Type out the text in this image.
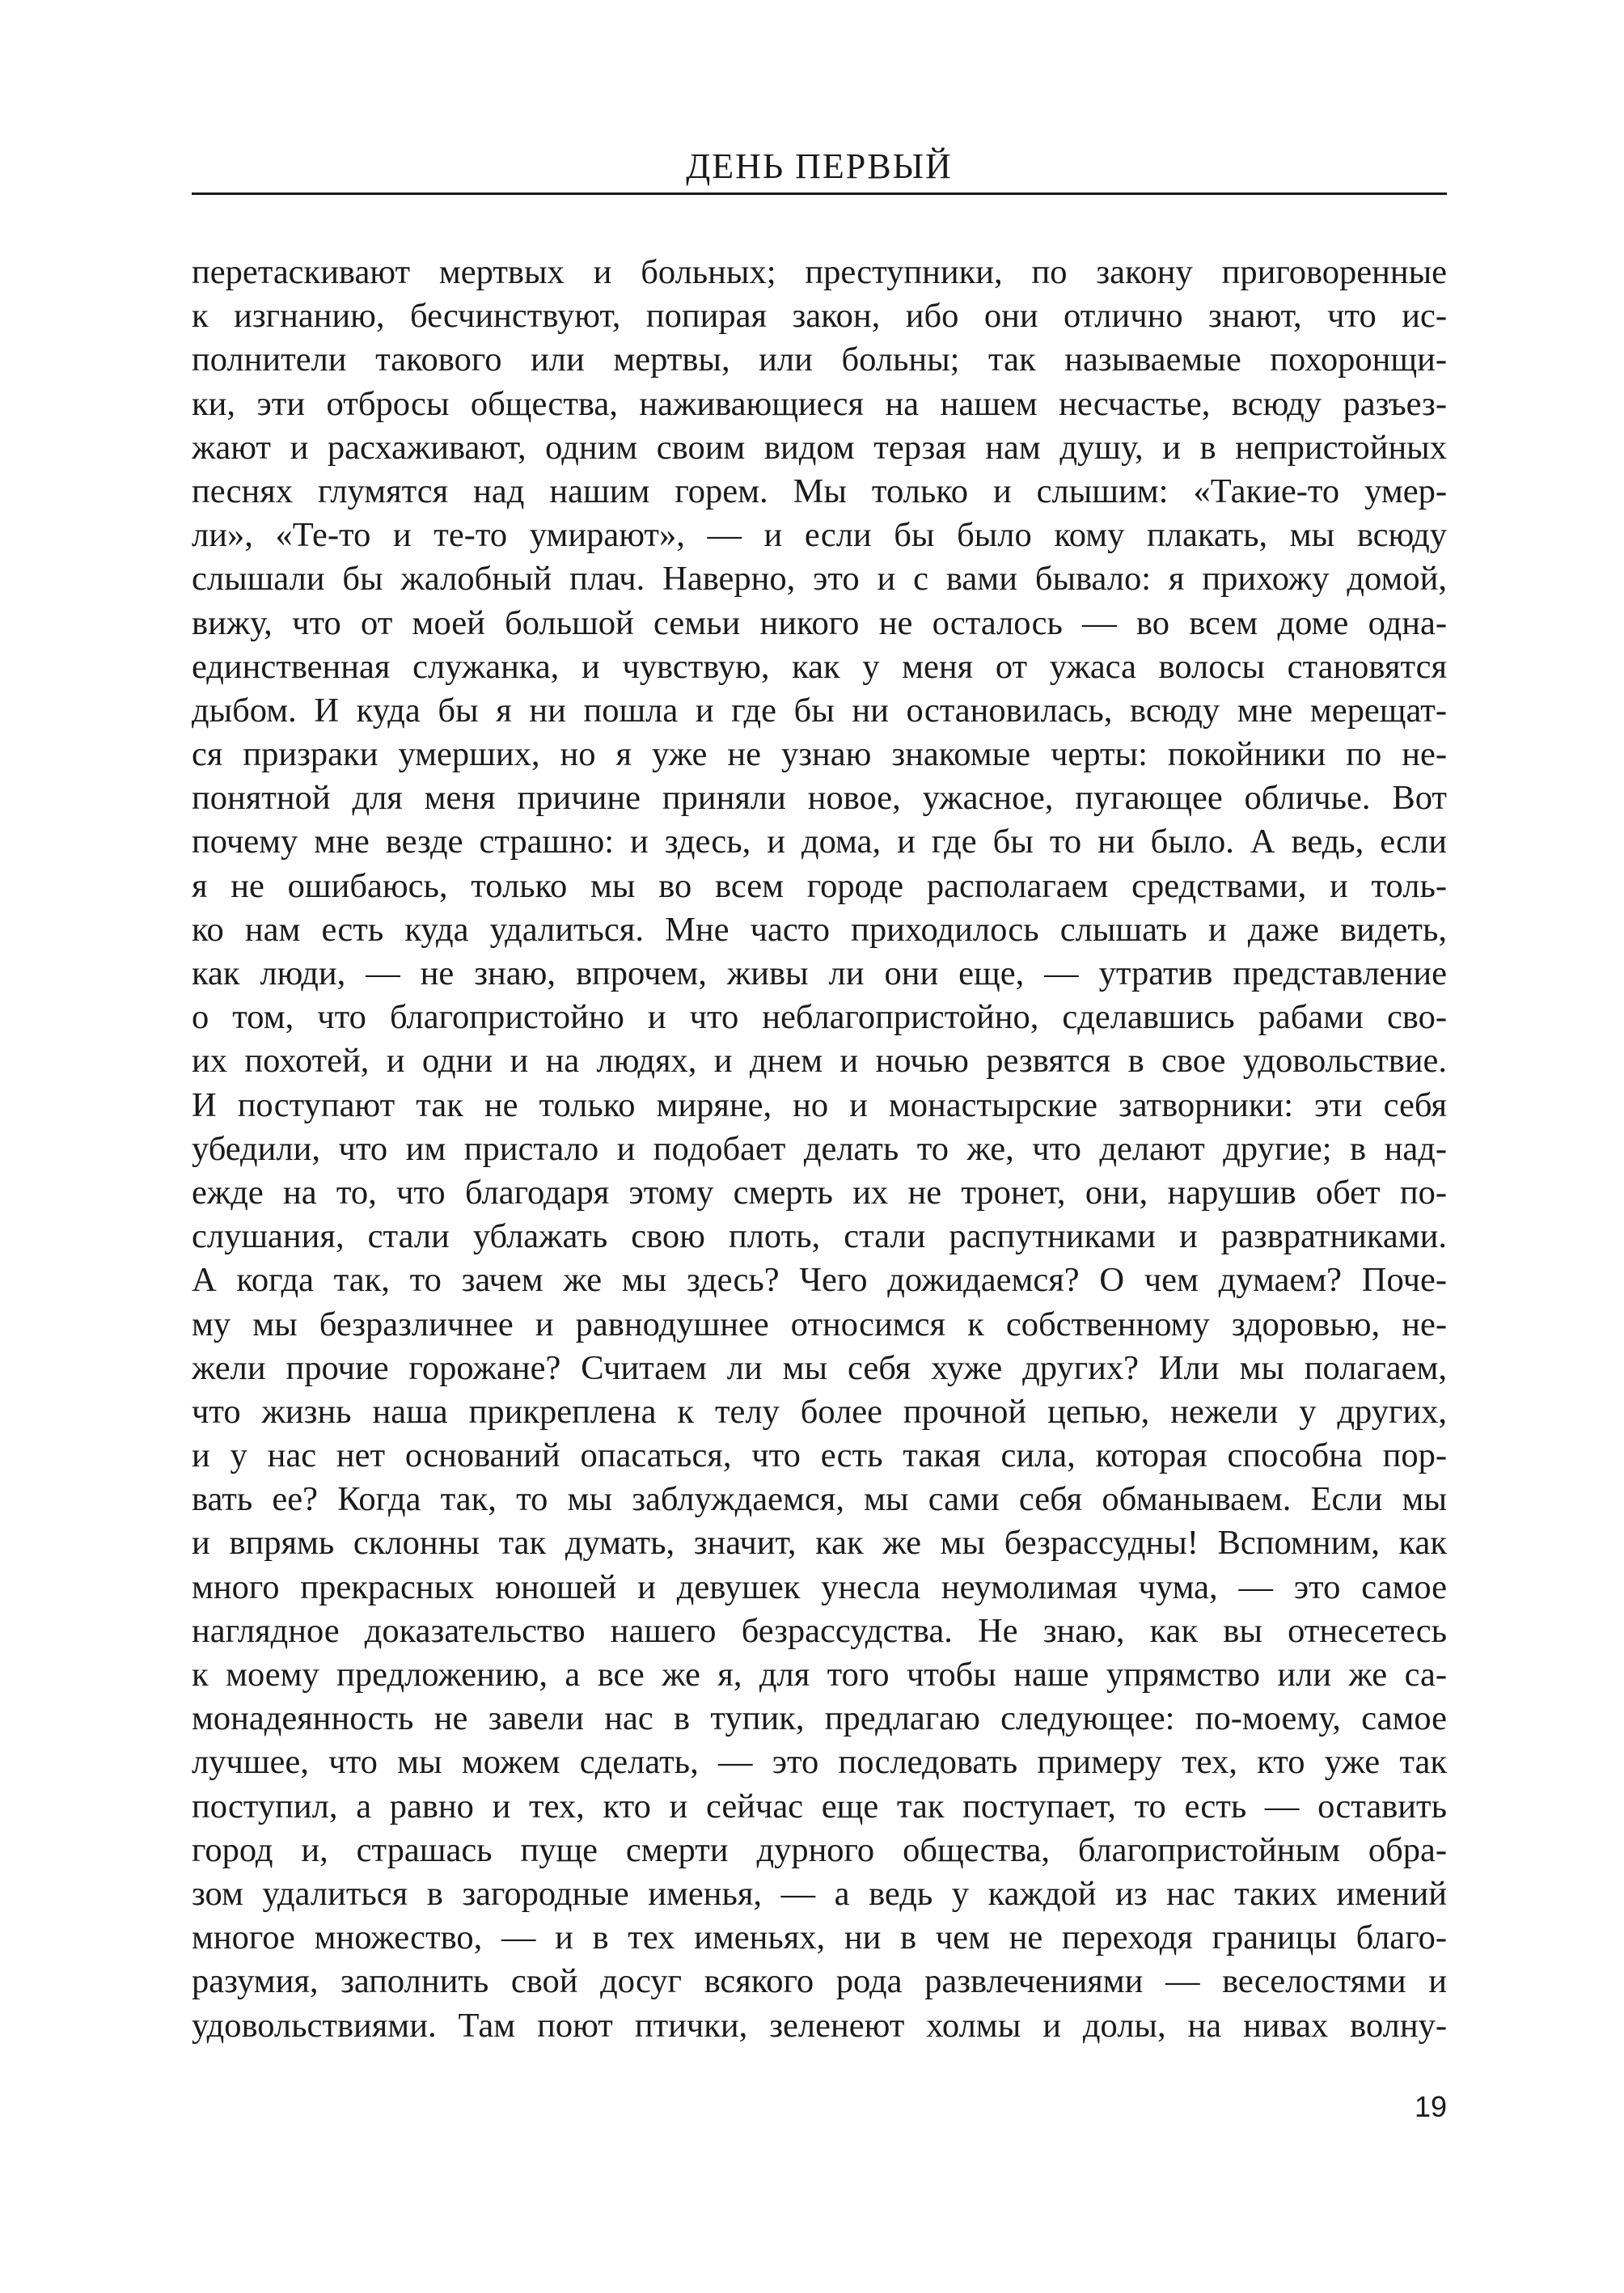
ДЕНЬ ПЕРВЫЙ
перетаскивают мертвых и больных; преступники, по закону приговоренные
к изгнанию, бесчинствуют, попирая закон, ибо они отлично знают, что ис-
полнители такового или мертвы, или больны; так называемые похоронщи-
ки, эти отбросы общества, наживающиеся на нашем несчастье, всюду разъез-
жают и расхаживают, одним своим видом терзая нам душу, и в непристойных
песнях глумятся над нашим горем. Мы только и слышим: «Такие-то умер-
ли», «Те-то и те-то умирают», — и если бы было кому плакать, мы всюду
слышали бы жалобный плач. Наверно, это и с вами бывало: я прихожу домой,
вижу, что от моей большой семьи никого не осталось — во всем доме одна-
единственная служанка, и чувствую, как у меня от ужаса волосы становятся
дыбом. И куда бы я ни пошла и где бы ни остановилась, всюду мне мерещат-
ся призраки умерших, но я уже не узнаю знакомые черты: покойники по не-
понятной для меня причине приняли новое, ужасное, пугающее обличье. Вот
почему мне везде страшно: и здесь, и дома, и где бы то ни было. А ведь, если
я не ошибаюсь, только мы во всем городе располагаем средствами, и толь-
ко нам есть куда удалиться. Мне часто приходилось слышать и даже видеть,
как люди, — не знаю, впрочем, живы ли они еще, — утратив представление
о том, что благопристойно и что неблагопристойно, сделавшись рабами сво-
их похотей, и одни и на людях, и днем и ночью резвятся в свое удовольствие.
И поступают так не только миряне, но и монастырские затворники: эти себя
убедили, что им пристало и подобает делать то же, что делают другие; в над-
ежде на то, что благодаря этому смерть их не тронет, они, нарушив обет по-
слушания, стали ублажать свою плоть, стали распутниками и развратниками.
А когда так, то зачем же мы здесь? Чего дожидаемся? О чем думаем? Поче-
му мы безразличнее и равнодушнее относимся к собственному здоровью, не-
жели прочие горожане? Считаем ли мы себя хуже других? Или мы полагаем,
что жизнь наша прикреплена к телу более прочной цепью, нежели у других,
и у нас нет оснований опасаться, что есть такая сила, которая способна пор-
вать ее? Когда так, то мы заблуждаемся, мы сами себя обманываем. Если мы
и впрямь склонны так думать, значит, как же мы безрассудны! Вспомним, как
много прекрасных юношей и девушек унесла неумолимая чума, — это самое
наглядное доказательство нашего безрассудства. Не знаю, как вы отнесетесь
к моему предложению, а все же я, для того чтобы наше упрямство или же са-
монадеянность не завели нас в тупик, предлагаю следующее: по-моему, самое
лучшее, что мы можем сделать, — это последовать примеру тех, кто уже так
поступил, а равно и тех, кто и сейчас еще так поступает, то есть — оставить
город и, страшась пуще смерти дурного общества, благопристойным обра-
зом удалиться в загородные именья, — а ведь у каждой из нас таких имений
многое множество, — и в тех именьях, ни в чем не переходя границы благо-
разумия, заполнить свой досуг всякого рода развлечениями — веселостями и
удовольствиями. Там поют птички, зеленеют холмы и долы, на нивах волну-
19
